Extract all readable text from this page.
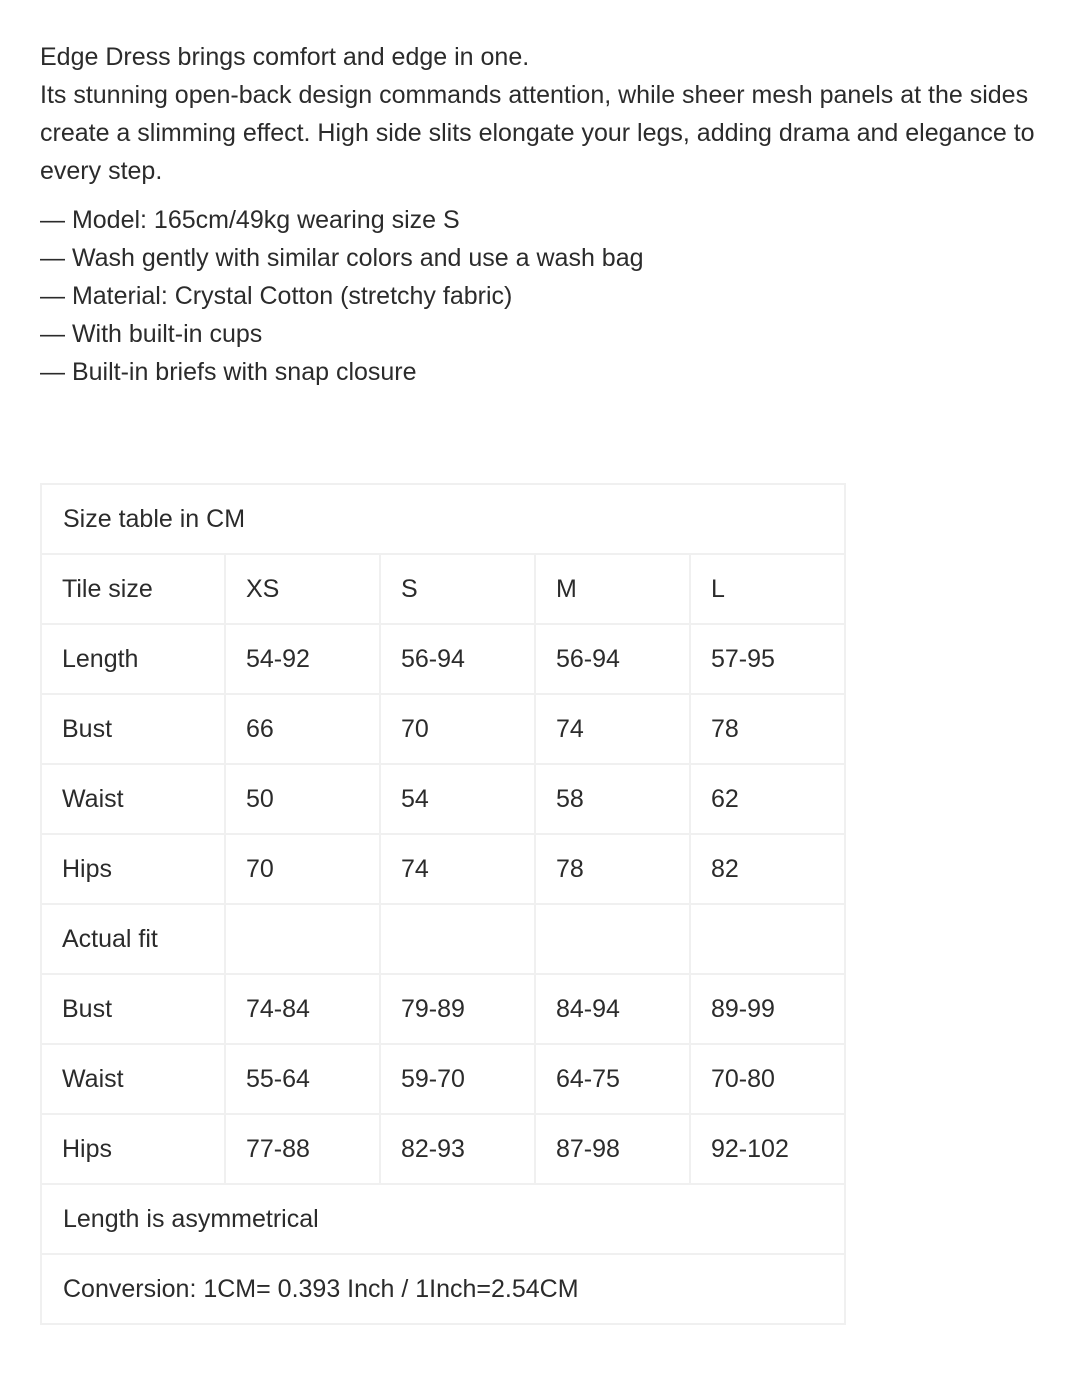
Edge Dress brings comfort and edge in one.

Its stunning open-back design commands attention, while sheer mesh panels at the sides create a slimming effect. High side slits elongate your legs, adding drama and elegance to every step.

— Model: 165cm/49kg wearing size S
— Wash gently with similar colors and use a wash bag
— Material: Crystal Cotton (stretchy fabric)
— With built-in cups
— Built-in briefs with snap closure
Size table in CM				
Tile size	XS	S	M	L
Length	54-92	56-94	56-94	57-95
Bust	66	70	74	78
Waist	50	54	58	62
Hips	70	74	78	82
Actual fit				
Bust	74-84	79-89	84-94	89-99
Waist	55-64	59-70	64-75	70-80
Hips	77-88	82-93	87-98	92-102
Length is asymmetrical				
Conversion: 1CM= 0.393 Inch / 1Inch=2.54CM				
